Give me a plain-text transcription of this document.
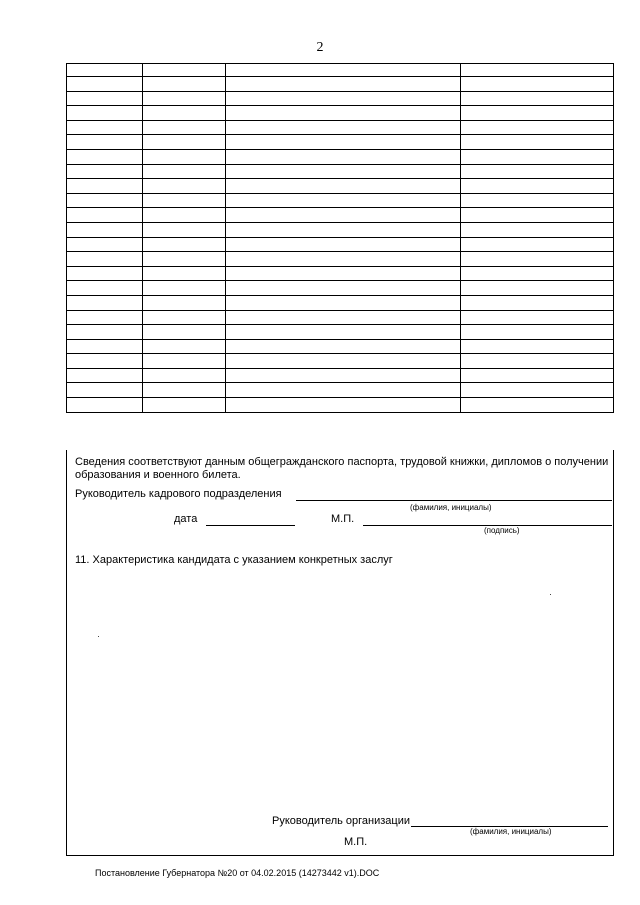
2

Сведения соответствуют данным общегражданского паспорта, трудовой книжки, дипломов о получении образования и военного билета.
Руководитель кадрового подразделения
(фамилия, инициалы)
дата	М.П.
(подпись)
11. Характеристика кандидата с указанием конкретных заслуг
Руководитель организации
(фамилия, инициалы)
М.П.
Постановление Губернатора №20 от 04.02.2015 (14273442 v1).DOC
